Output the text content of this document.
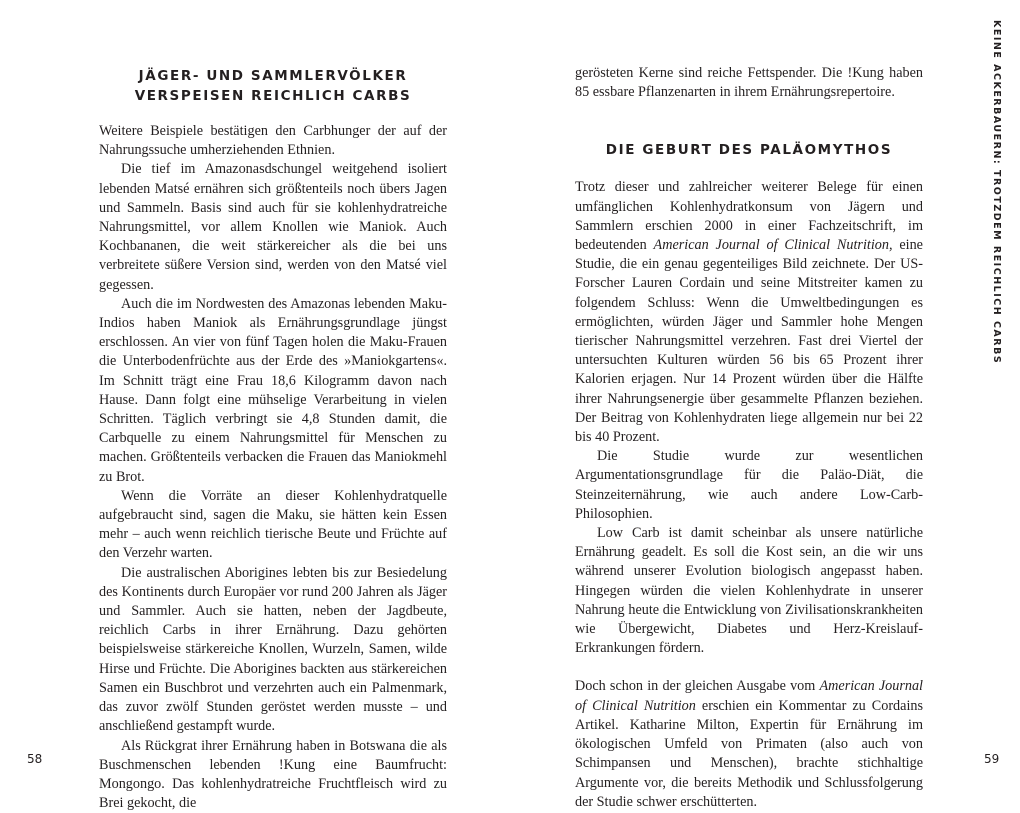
JÄGER- UND SAMMLERVÖLKER VERSPEISEN REICHLICH CARBS

Weitere Beispiele bestätigen den Carbhunger der auf der Nahrungssuche umherziehenden Ethnien.

Die tief im Amazonasdschungel weitgehend isoliert lebenden Matsé ernähren sich größtenteils noch übers Jagen und Sammeln. Basis sind auch für sie kohlenhydratreiche Nahrungsmittel, vor allem Knollen wie Maniok. Auch Kochbananen, die weit stärkereicher als die bei uns verbreitete süßere Version sind, werden von den Matsé viel gegessen.

Auch die im Nordwesten des Amazonas lebenden Maku-Indios haben Maniok als Ernährungsgrundlage jüngst erschlossen. An vier von fünf Tagen holen die Maku-Frauen die Unterbodenfrüchte aus der Erde des »Maniokgartens«. Im Schnitt trägt eine Frau 18,6 Kilogramm davon nach Hause. Dann folgt eine mühselige Verarbeitung in vielen Schritten. Täglich verbringt sie 4,8 Stunden damit, die Carbquelle zu einem Nahrungsmittel für Menschen zu machen. Größtenteils verbacken die Frauen das Maniokmehl zu Brot.

Wenn die Vorräte an dieser Kohlenhydratquelle aufgebraucht sind, sagen die Maku, sie hätten kein Essen mehr – auch wenn reichlich tierische Beute und Früchte auf den Verzehr warten.

Die australischen Aborigines lebten bis zur Besiedelung des Kontinents durch Europäer vor rund 200 Jahren als Jäger und Sammler. Auch sie hatten, neben der Jagdbeute, reichlich Carbs in ihrer Ernährung. Dazu gehörten beispielsweise stärkereiche Knollen, Wurzeln, Samen, wilde Hirse und Früchte. Die Aborigines backten aus stärkereichen Samen ein Buschbrot und verzehrten auch ein Palmenmark, das zuvor zwölf Stunden geröstet werden musste – und anschließend gestampft wurde.

Als Rückgrat ihrer Ernährung haben in Botswana die als Buschmenschen lebenden !Kung eine Baumfrucht: Mongongo. Das kohlenhydratreiche Fruchtfleisch wird zu Brei gekocht, die

58

gerösteten Kerne sind reiche Fettspender. Die !Kung haben 85 essbare Pflanzenarten in ihrem Ernährungsrepertoire.

DIE GEBURT DES PALÄOMYTHOS

Trotz dieser und zahlreicher weiterer Belege für einen umfänglichen Kohlenhydratkonsum von Jägern und Sammlern erschien 2000 in einer Fachzeitschrift, im bedeutenden American Journal of Clinical Nutrition, eine Studie, die ein genau gegenteiliges Bild zeichnete. Der US-Forscher Lauren Cordain und seine Mitstreiter kamen zu folgendem Schluss: Wenn die Umweltbedingungen es ermöglichten, würden Jäger und Sammler hohe Mengen tierischer Nahrungsmittel verzehren. Fast drei Viertel der untersuchten Kulturen würden 56 bis 65 Prozent ihrer Kalorien erjagen. Nur 14 Prozent würden über die Hälfte ihrer Nahrungsenergie über gesammelte Pflanzen beziehen. Der Beitrag von Kohlenhydraten liege allgemein nur bei 22 bis 40 Prozent.

Die Studie wurde zur wesentlichen Argumentationsgrundlage für die Paläo-Diät, die Steinzeiternährung, wie auch andere Low-Carb-Philosophien.

Low Carb ist damit scheinbar als unsere natürliche Ernährung geadelt. Es soll die Kost sein, an die wir uns während unserer Evolution biologisch angepasst haben. Hingegen würden die vielen Kohlenhydrate in unserer Nahrung heute die Entwicklung von Zivilisationskrankheiten wie Übergewicht, Diabetes und Herz-Kreislauf-Erkrankungen fördern.

Doch schon in der gleichen Ausgabe vom American Journal of Clinical Nutrition erschien ein Kommentar zu Cordains Artikel. Katharine Milton, Expertin für Ernährung im ökologischen Umfeld von Primaten (also auch von Schimpansen und Menschen), brachte stichhaltige Argumente vor, die bereits Methodik und Schlussfolgerung der Studie schwer erschütterten.

KEINE ACKERBAUERN: TROTZDEM REICHLICH CARBS
59
